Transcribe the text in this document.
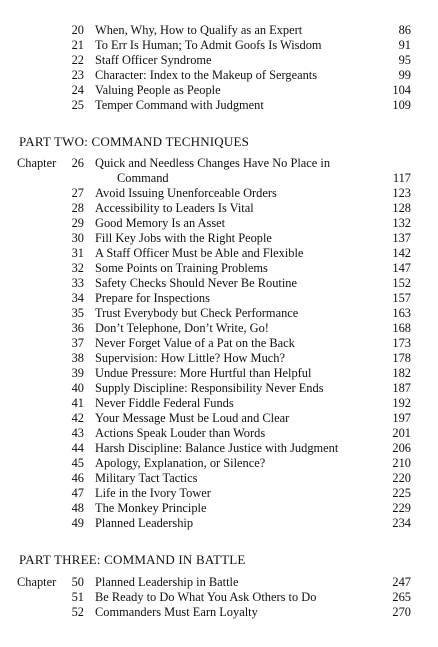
20 When, Why, How to Qualify as an Expert	86
21 To Err Is Human; To Admit Goofs Is Wisdom	91
22 Staff Officer Syndrome	95
23 Character: Index to the Makeup of Sergeants	99
24 Valuing People as People	104
25 Temper Command with Judgment	109
PART TWO: COMMAND TECHNIQUES
Chapter 26 Quick and Needless Changes Have No Place in
Command	117
27 Avoid Issuing Unenforceable Orders	123
28 Accessibility to Leaders Is Vital	128
29 Good Memory Is an Asset	132
30 Fill Key Jobs with the Right People	137
31 A Staff Officer Must be Able and Flexible	142
32 Some Points on Training Problems	147
33 Safety Checks Should Never Be Routine	152
34 Prepare for Inspections	157
35 Trust Everybody but Check Performance	163
36 Don’t Telephone, Don’t Write, Go!	168
37 Never Forget Value of a Pat on the Back	173
38 Supervision: How Little? How Much?	178
39 Undue Pressure: More Hurtful than Helpful	182
40 Supply Discipline: Responsibility Never Ends	187
41 Never Fiddle Federal Funds	192
42 Your Message Must be Loud and Clear	197
43 Actions Speak Louder than Words	201
44 Harsh Discipline: Balance Justice with Judgment	206
45 Apology, Explanation, or Silence?	210
46 Military Tact Tactics	220
47 Life in the Ivory Tower	225
48 The Monkey Principle	229
49 Planned Leadership	234
PART THREE: COMMAND IN BATTLE
Chapter 50 Planned Leadership in Battle	247
51 Be Ready to Do What You Ask Others to Do	265
52 Commanders Must Earn Loyalty	270
